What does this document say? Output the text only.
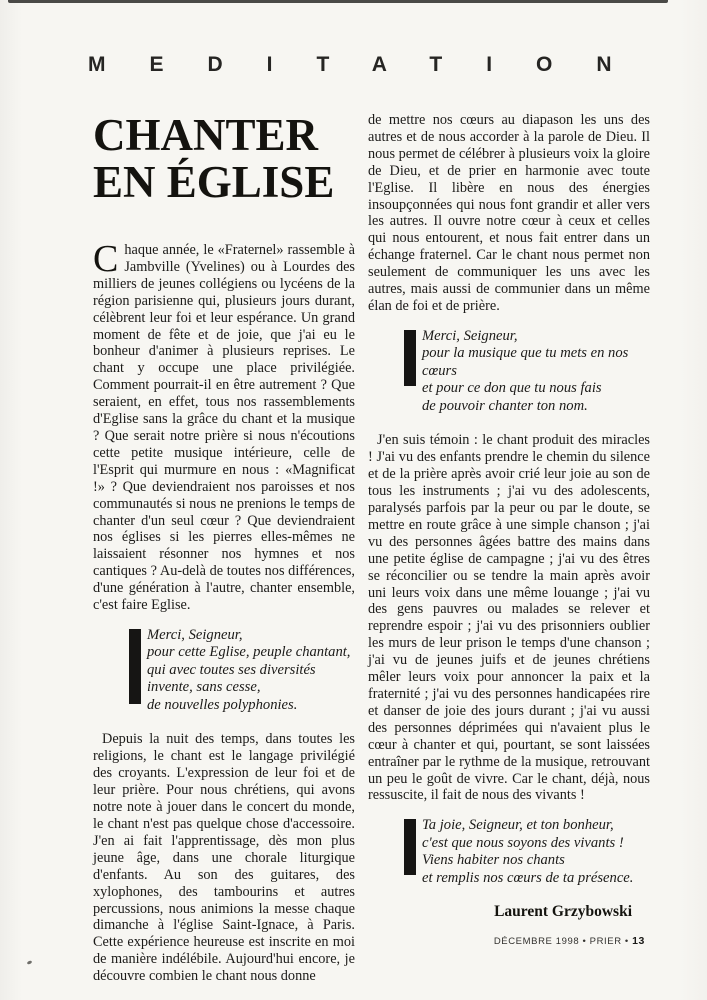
MEDITATION
CHANTER
EN ÉGLISE

C haque année, le «Fraternel» rassemble à Jambville (Yvelines) ou à Lourdes des milliers de jeunes collégiens ou lycéens de la région parisienne qui, plusieurs jours durant, célèbrent leur foi et leur espérance. Un grand moment de fête et de joie, que j'ai eu le bonheur d'animer à plusieurs reprises. Le chant y occupe une place privilégiée. Comment pourrait-il en être autrement ? Que seraient, en effet, tous nos rassemblements d'Eglise sans la grâce du chant et la musique ? Que serait notre prière si nous n'écoutions cette petite musique intérieure, celle de l'Esprit qui murmure en nous : «Magnificat !» ? Que deviendraient nos paroisses et nos communautés si nous ne prenions le temps de chanter d'un seul cœur ? Que deviendraient nos églises si les pierres elles-mêmes ne laissaient résonner nos hymnes et nos cantiques ? Au-delà de toutes nos différences, d'une génération à l'autre, chanter ensemble, c'est faire Eglise.

Merci, Seigneur,
pour cette Eglise, peuple chantant,
qui avec toutes ses diversités
invente, sans cesse,
de nouvelles polyphonies.

Depuis la nuit des temps, dans toutes les religions, le chant est le langage privilégié des croyants. L'expression de leur foi et de leur prière. Pour nous chrétiens, qui avons notre note à jouer dans le concert du monde, le chant n'est pas quelque chose d'accessoire. J'en ai fait l'apprentissage, dès mon plus jeune âge, dans une chorale liturgique d'enfants. Au son des guitares, des xylophones, des tambourins et autres percussions, nous animions la messe chaque dimanche à l'église Saint-Ignace, à Paris. Cette expérience heureuse est inscrite en moi de manière indélébile. Aujourd'hui encore, je découvre combien le chant nous donne

de mettre nos cœurs au diapason les uns des autres et de nous accorder à la parole de Dieu. Il nous permet de célébrer à plusieurs voix la gloire de Dieu, et de prier en harmonie avec toute l'Eglise. Il libère en nous des énergies insoupçonnées qui nous font grandir et aller vers les autres. Il ouvre notre cœur à ceux et celles qui nous entourent, et nous fait entrer dans un échange fraternel. Car le chant nous permet non seulement de communiquer les uns avec les autres, mais aussi de communier dans un même élan de foi et de prière.

Merci, Seigneur,
pour la musique que tu mets en nos cœurs
et pour ce don que tu nous fais
de pouvoir chanter ton nom.

J'en suis témoin : le chant produit des miracles ! J'ai vu des enfants prendre le chemin du silence et de la prière après avoir crié leur joie au son de tous les instruments ; j'ai vu des adolescents, paralysés parfois par la peur ou par le doute, se mettre en route grâce à une simple chanson ; j'ai vu des personnes âgées battre des mains dans une petite église de campagne ; j'ai vu des êtres se réconcilier ou se tendre la main après avoir uni leurs voix dans une même louange ; j'ai vu des gens pauvres ou malades se relever et reprendre espoir ; j'ai vu des prisonniers oublier les murs de leur prison le temps d'une chanson ; j'ai vu de jeunes juifs et de jeunes chrétiens mêler leurs voix pour annoncer la paix et la fraternité ; j'ai vu des personnes handicapées rire et danser de joie des jours durant ; j'ai vu aussi des personnes déprimées qui n'avaient plus le cœur à chanter et qui, pourtant, se sont laissées entraîner par le rythme de la musique, retrouvant un peu le goût de vivre. Car le chant, déjà, nous ressuscite, il fait de nous des vivants !

Ta joie, Seigneur, et ton bonheur,
c'est que nous soyons des vivants !
Viens habiter nos chants
et remplis nos cœurs de ta présence.
Laurent Grzybowski
DÉCEMBRE 1998 • PRIER • 13
